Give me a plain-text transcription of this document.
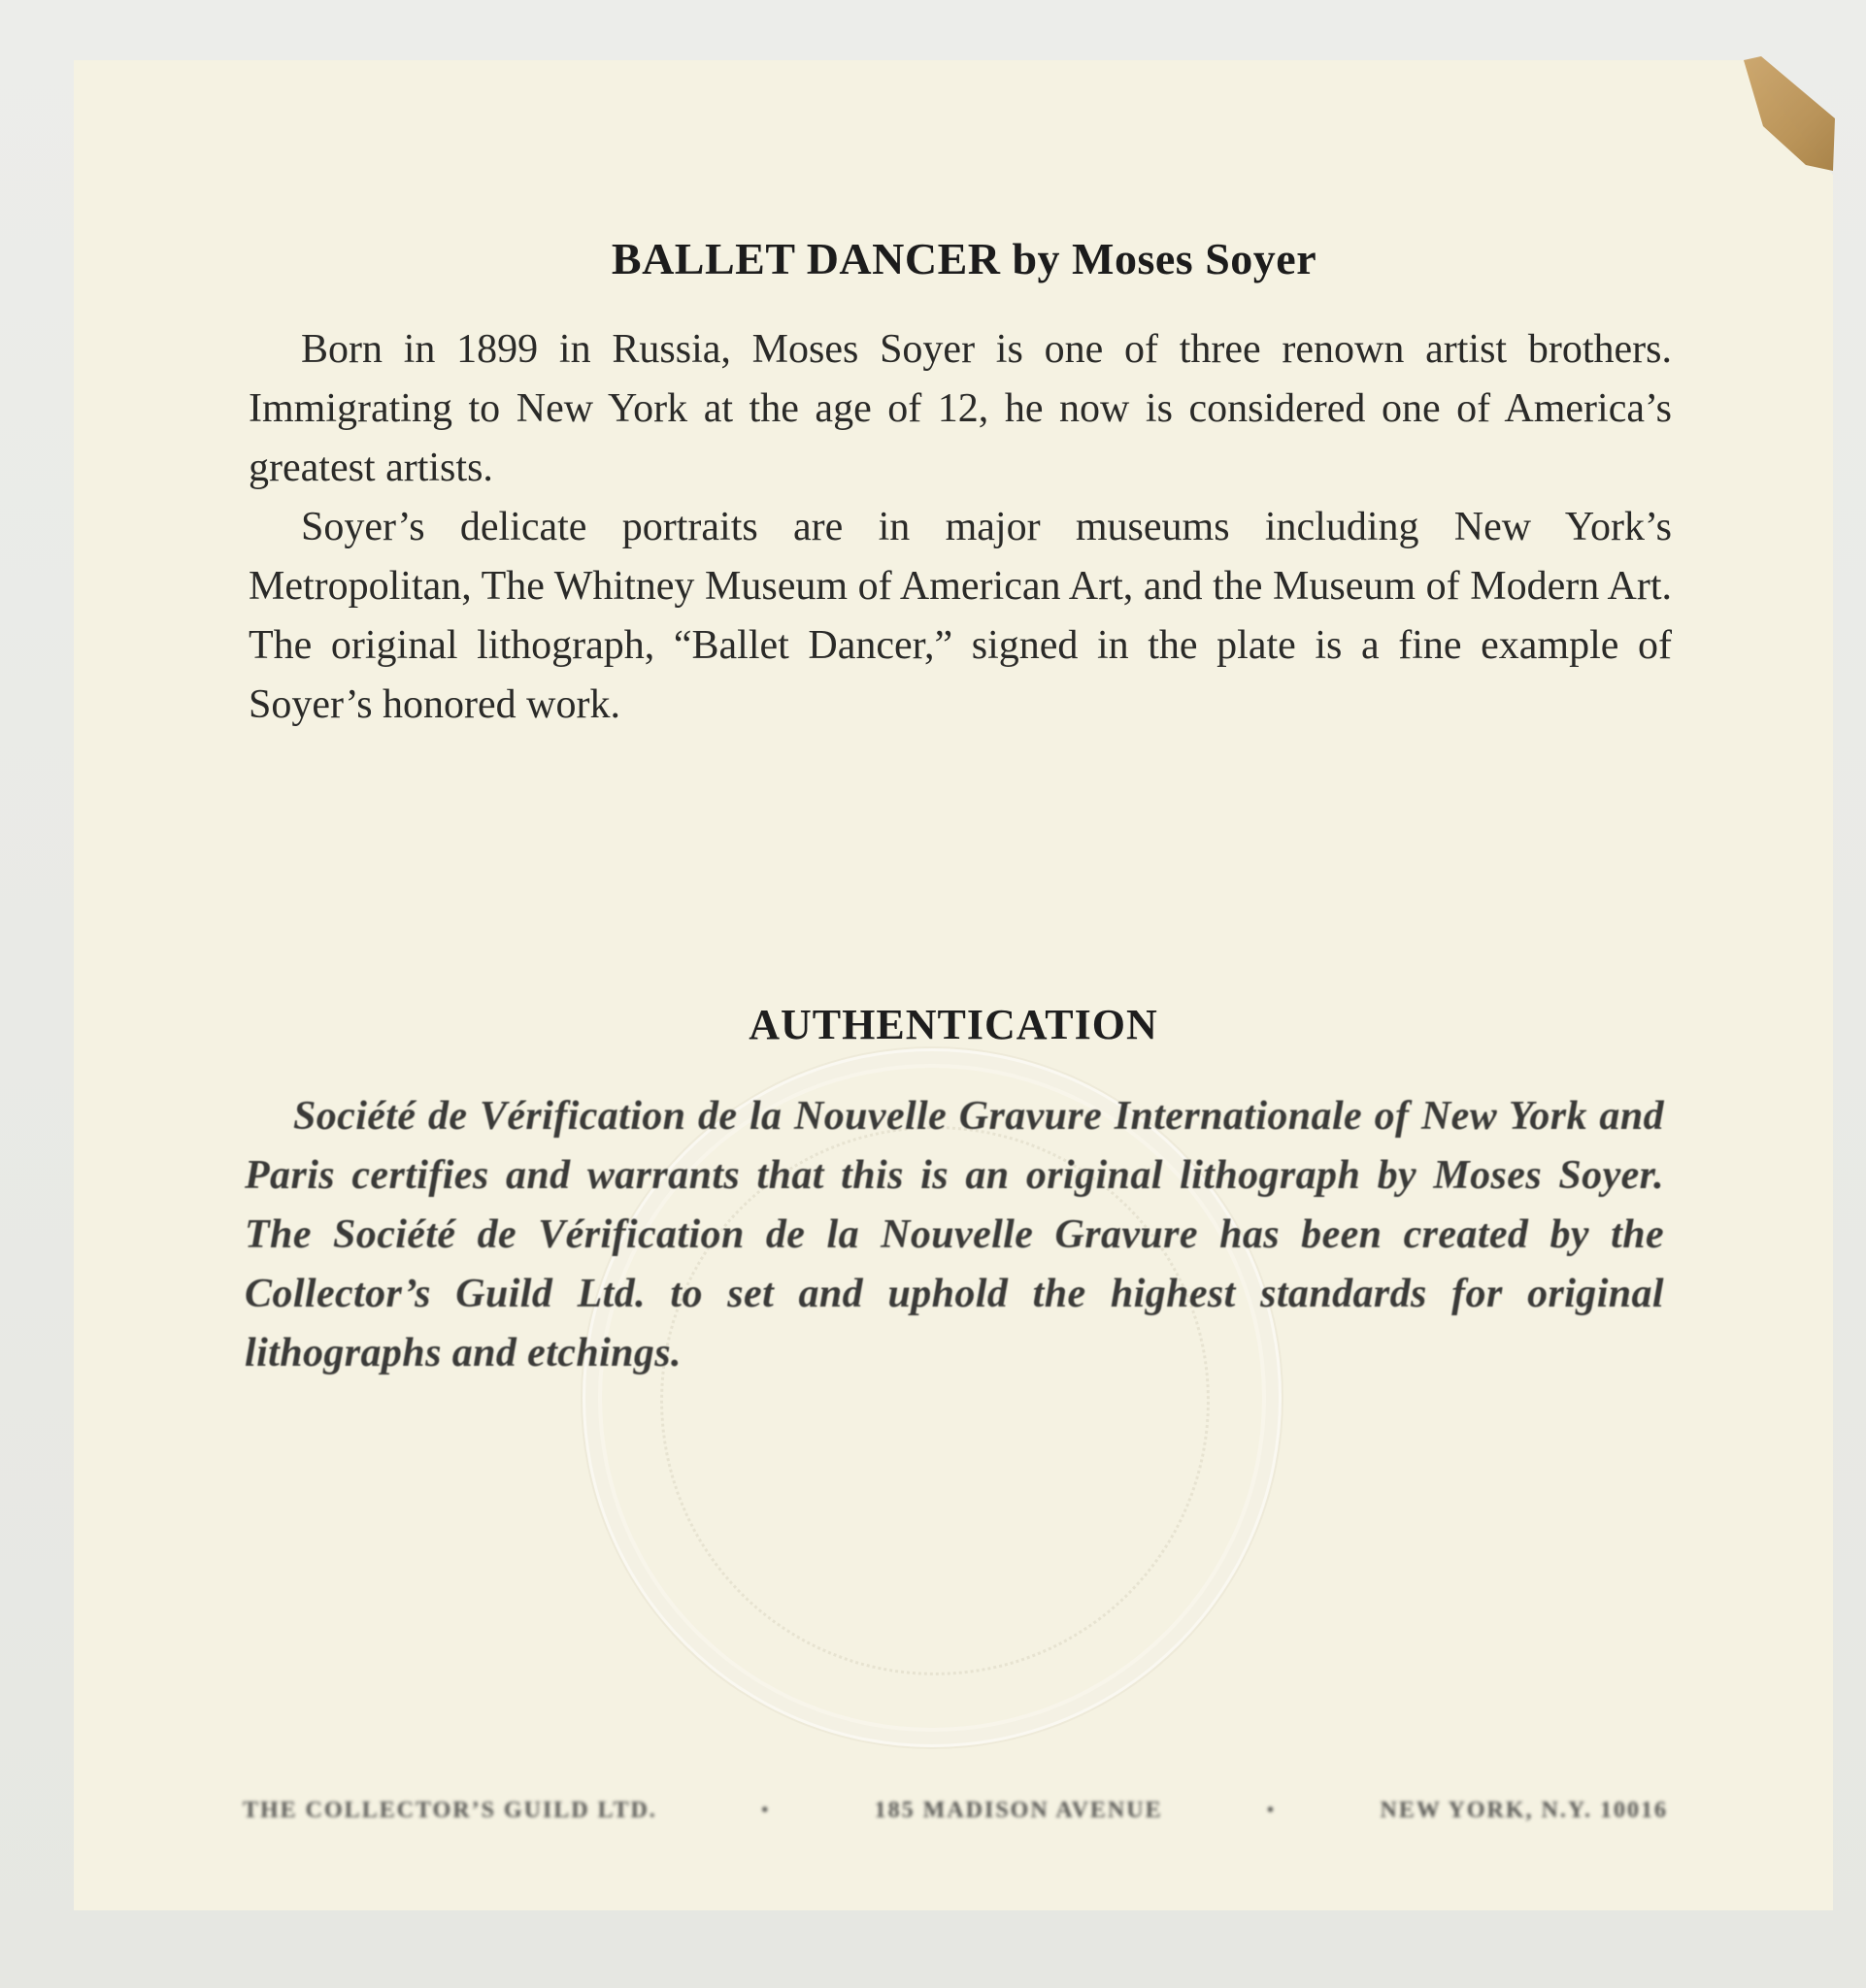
BALLET DANCER by Moses Soyer

Born in 1899 in Russia, Moses Soyer is one of three renown artist brothers. Immigrating to New York at the age of 12, he now is considered one of America’s greatest artists.

Soyer’s delicate portraits are in major museums including New York’s Metropolitan, The Whitney Museum of American Art, and the Museum of Modern Art. The original lithograph, “Ballet Dancer,” signed in the plate is a fine example of Soyer’s honored work.

AUTHENTICATION
Société de Vérification de la Nouvelle Gravure Internationale of New York and Paris certifies and warrants that this is an original lithograph by Moses Soyer. The Société de Vérification de la Nouvelle Gravure has been created by the Collector’s Guild Ltd. to set and uphold the highest standards for original lithographs and etchings.
THE COLLECTOR’S GUILD LTD.	•	185 MADISON AVENUE	•	NEW YORK, N.Y. 10016
